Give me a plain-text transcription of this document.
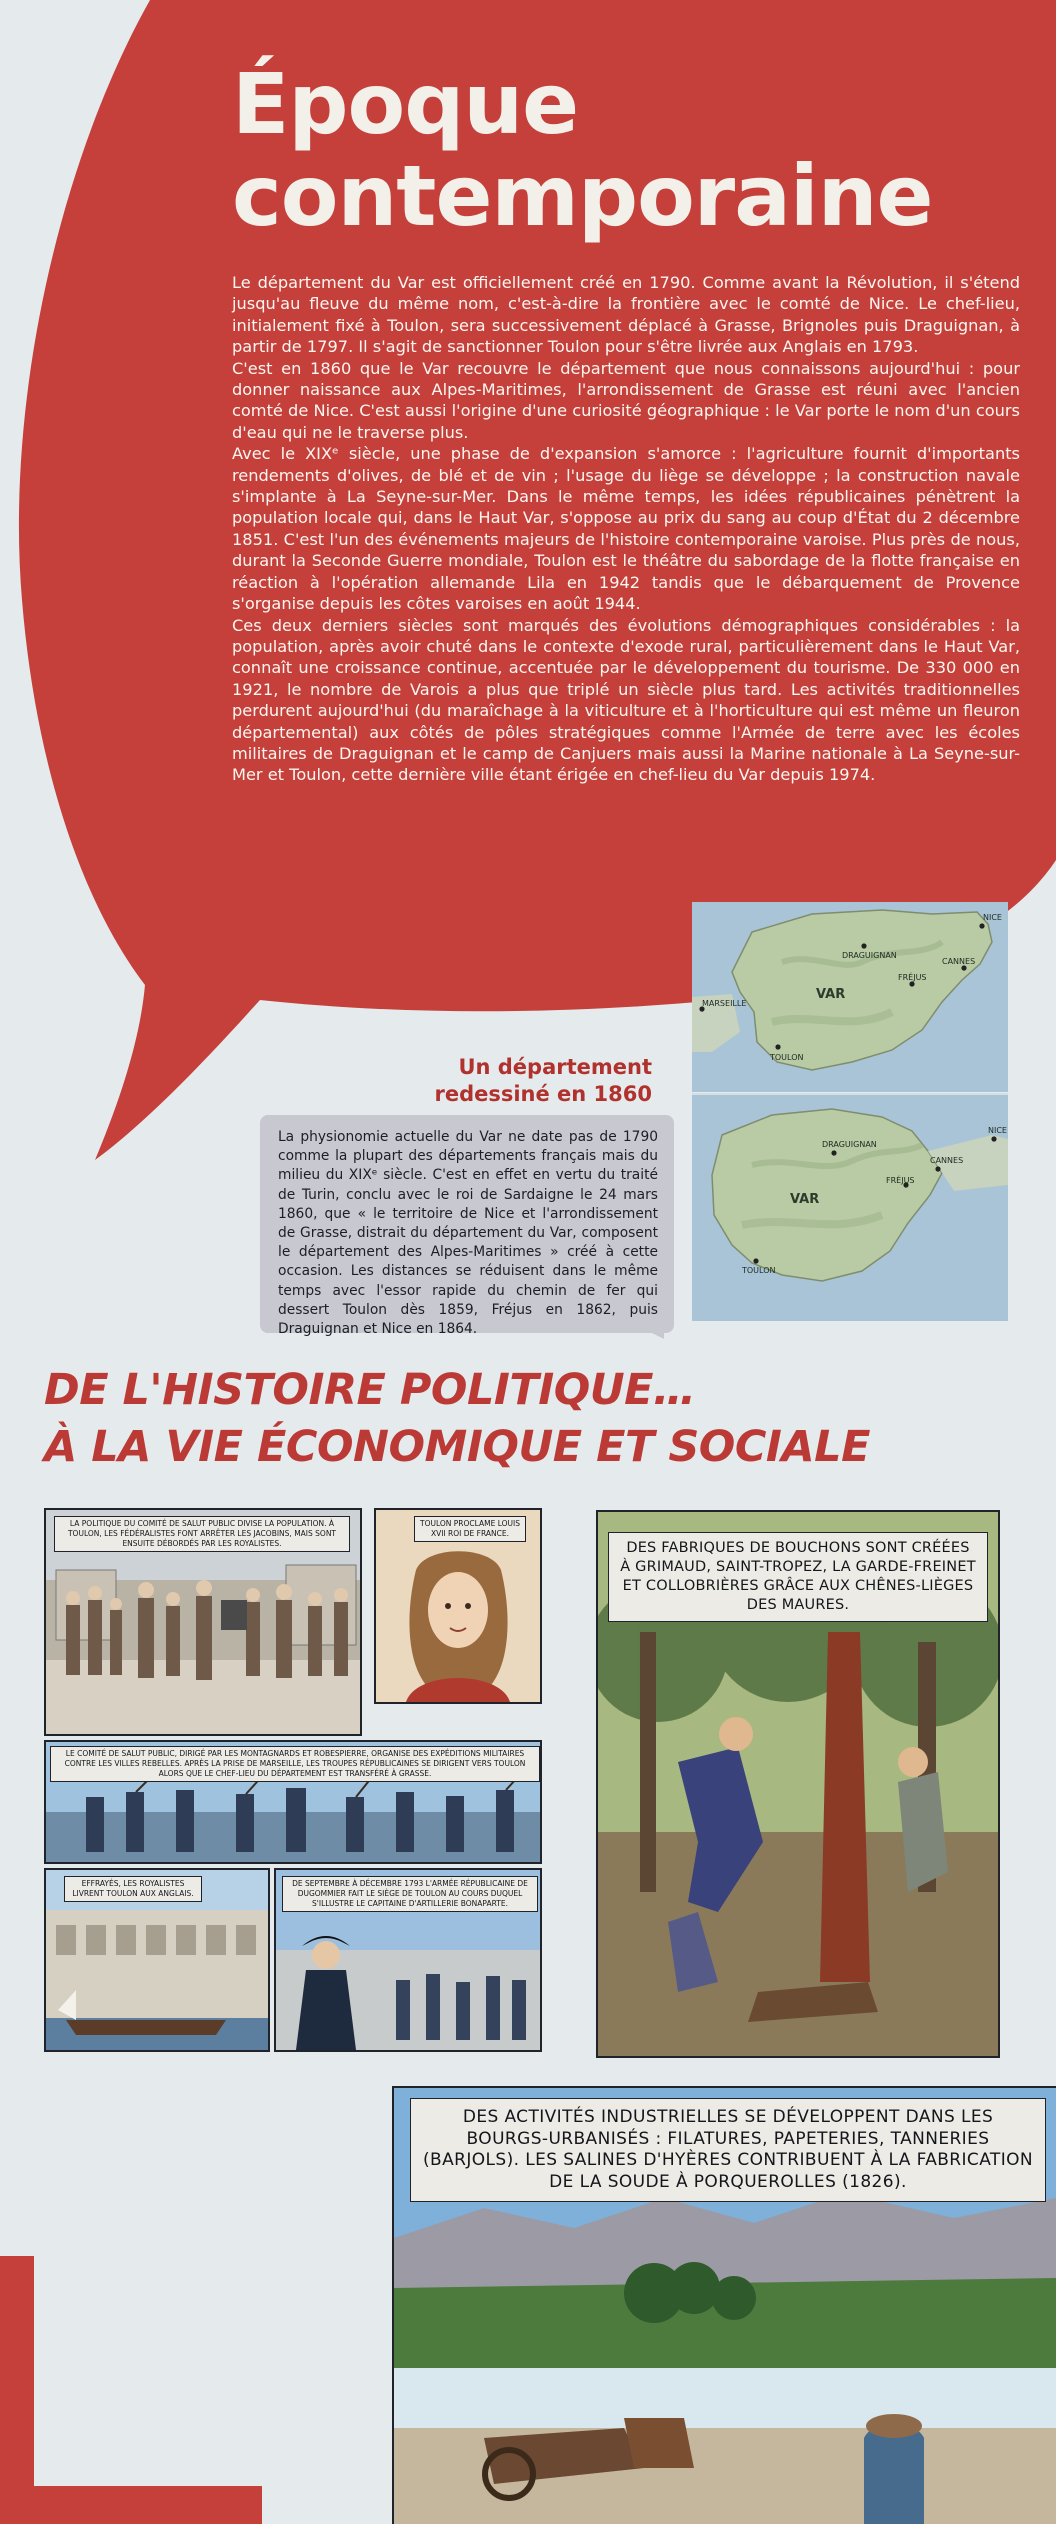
Époque
contemporaine

Le département du Var est officiellement créé en 1790. Comme avant la Révolution, il s'étend jusqu'au fleuve du même nom, c'est-à-dire la frontière avec le comté de Nice. Le chef-lieu, initialement fixé à Toulon, sera successivement déplacé à Grasse, Brignoles puis Draguignan, à partir de 1797. Il s'agit de sanctionner Toulon pour s'être livrée aux Anglais en 1793.

C'est en 1860 que le Var recouvre le département que nous connaissons aujourd'hui : pour donner naissance aux Alpes-Maritimes, l'arrondissement de Grasse est réuni avec l'ancien comté de Nice. C'est aussi l'origine d'une curiosité géographique : le Var porte le nom d'un cours d'eau qui ne le traverse plus.

Avec le XIXᵉ siècle, une phase de d'expansion s'amorce : l'agriculture fournit d'importants rendements d'olives, de blé et de vin ; l'usage du liège se développe ; la construction navale s'implante à La Seyne-sur-Mer. Dans le même temps, les idées républicaines pénètrent la population locale qui, dans le Haut Var, s'oppose au prix du sang au coup d'État du 2 décembre 1851. C'est l'un des événements majeurs de l'histoire contemporaine varoise. Plus près de nous, durant la Seconde Guerre mondiale, Toulon est le théâtre du sabordage de la flotte française en réaction à l'opération allemande Lila en 1942 tandis que le débarquement de Provence s'organise depuis les côtes varoises en août 1944.

Ces deux derniers siècles sont marqués des évolutions démographiques considérables : la population, après avoir chuté dans le contexte d'exode rural, particulièrement dans le Haut Var, connaît une croissance continue, accentuée par le développement du tourisme. De 330 000 en 1921, le nombre de Varois a plus que triplé un siècle plus tard. Les activités traditionnelles perdurent aujourd'hui (du maraîchage à la viticulture et à l'horticulture qui est même un fleuron départemental) aux côtés de pôles stratégiques comme l'Armée de terre avec les écoles militaires de Draguignan et le camp de Canjuers mais aussi la Marine nationale à La Seyne-sur-Mer et Toulon, cette dernière ville étant érigée en chef-lieu du Var depuis 1974.

NICE
DRAGUIGNAN
CANNES
FRÉJUS
MARSEILLE
TOULON
VAR
NICE
DRAGUIGNAN
CANNES
FRÉJUS
TOULON
VAR
Un département
redessiné en 1860

La physionomie actuelle du Var ne date pas de 1790 comme la plupart des départements français mais du milieu du XIXᵉ siècle. C'est en effet en vertu du traité de Turin, conclu avec le roi de Sardaigne le 24 mars 1860, que « le territoire de Nice et l'arrondissement de Grasse, distrait du département du Var, composent le département des Alpes-Maritimes » créé à cette occasion. Les distances se réduisent dans le même temps avec l'essor rapide du chemin de fer qui dessert Toulon dès 1859, Fréjus en 1862, puis Draguignan et Nice en 1864.

DE L'HISTOIRE POLITIQUE…
À LA VIE ÉCONOMIQUE ET SOCIALE
LA POLITIQUE DU COMITÉ DE SALUT PUBLIC DIVISE LA POPULATION. À TOULON, LES FÉDÉRALISTES FONT ARRÊTER LES JACOBINS, MAIS SONT ENSUITE DÉBORDÉS PAR LES ROYALISTES.
TOULON PROCLAME LOUIS XVII ROI DE FRANCE.
LE COMITÉ DE SALUT PUBLIC, DIRIGÉ PAR LES MONTAGNARDS ET ROBESPIERRE, ORGANISE DES EXPÉDITIONS MILITAIRES CONTRE LES VILLES REBELLES. APRÈS LA PRISE DE MARSEILLE, LES TROUPES RÉPUBLICAINES SE DIRIGENT VERS TOULON ALORS QUE LE CHEF-LIEU DU DÉPARTEMENT EST TRANSFÉRÉ À GRASSE.
EFFRAYÉS, LES ROYALISTES LIVRENT TOULON AUX ANGLAIS.
DE SEPTEMBRE À DÉCEMBRE 1793 L'ARMÉE RÉPUBLICAINE DE DUGOMMIER FAIT LE SIÈGE DE TOULON AU COURS DUQUEL S'ILLUSTRE LE CAPITAINE D'ARTILLERIE BONAPARTE.
DES FABRIQUES DE BOUCHONS SONT CRÉÉES À GRIMAUD, SAINT-TROPEZ, LA GARDE-FREINET ET COLLOBRIÈRES GRÂCE AUX CHÊNES-LIÈGES DES MAURES.
DES ACTIVITÉS INDUSTRIELLES SE DÉVELOPPENT DANS LES BOURGS-URBANISÉS : FILATURES, PAPETERIES, TANNERIES (BARJOLS). LES SALINES D'HYÈRES CONTRIBUENT À LA FABRICATION DE LA SOUDE À PORQUEROLLES (1826).
